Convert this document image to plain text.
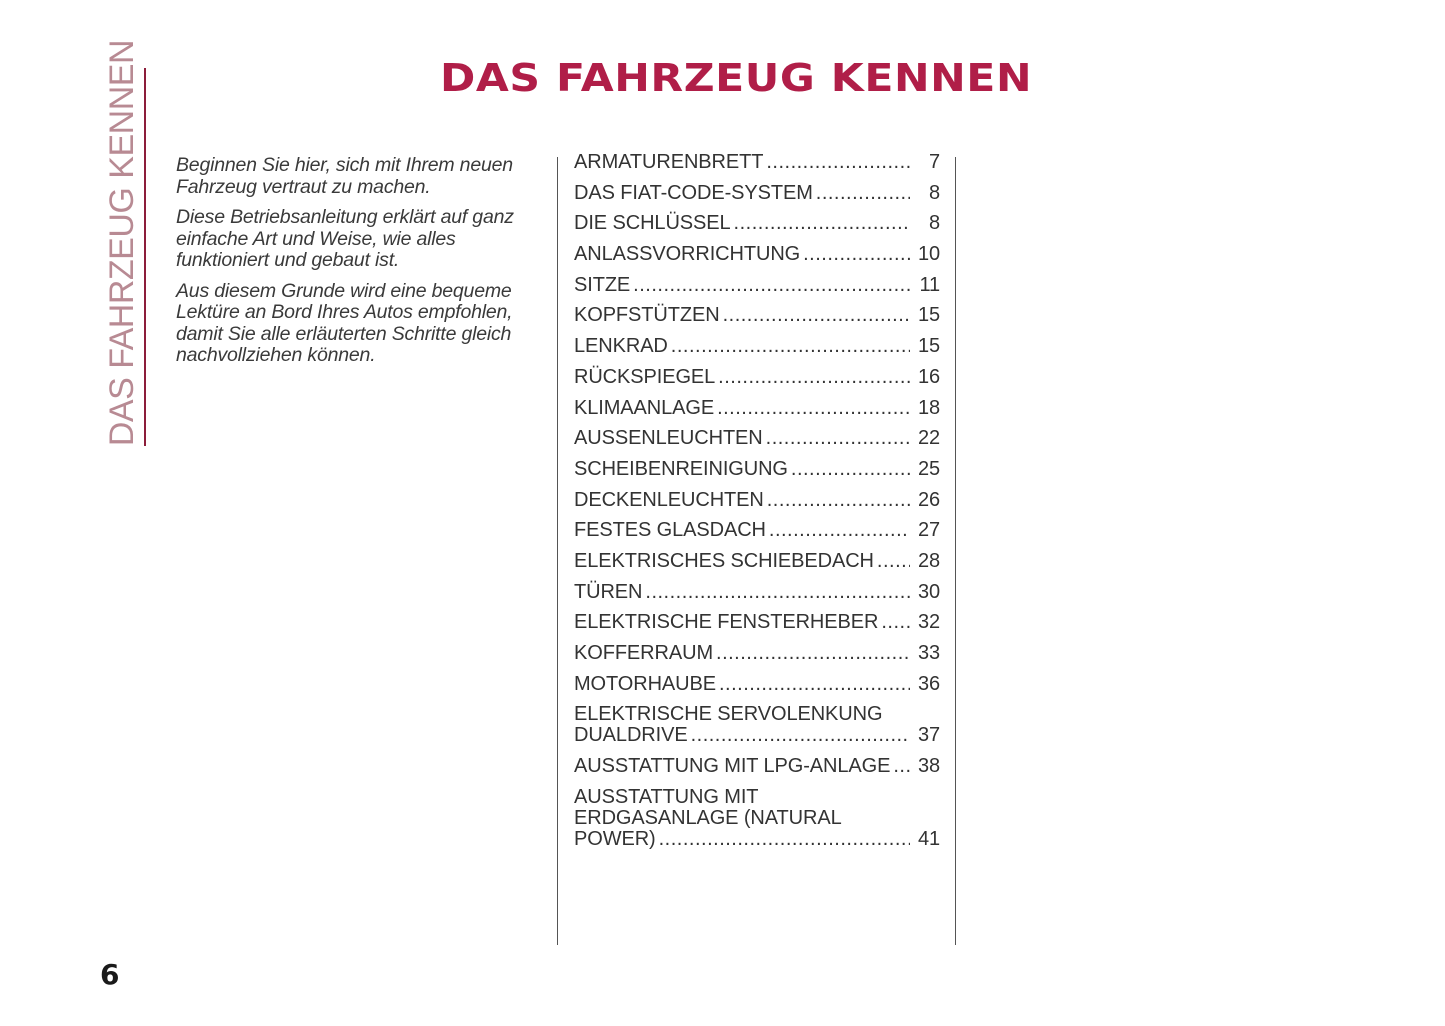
DAS FAHRZEUG KENNEN	DAS FAHRZEUG KENNEN

Beginnen Sie hier, sich mit Ihrem neuen Fahrzeug vertraut zu machen.

Diese Betriebsanleitung erklärt auf ganz einfache Art und Weise, wie alles funktioniert und gebaut ist.

Aus diesem Grunde wird eine bequeme Lektüre an Bord Ihres Autos empfohlen, damit Sie alle erläuterten Schritte gleich nachvollziehen können.

ARMATURENBRETT .....	7
DAS FIAT-CODE-SYSTEM .....	8
DIE SCHLÜSSEL .....	8
ANLASSVORRICHTUNG .....	10
SITZE .....	11
KOPFSTÜTZEN .....	15
LENKRAD .....	15
RÜCKSPIEGEL .....	16
KLIMAANLAGE .....	18
AUSSENLEUCHTEN .....	22
SCHEIBENREINIGUNG .....	25
DECKENLEUCHTEN .....	26
FESTES GLASDACH .....	27
ELEKTRISCHES SCHIEBEDACH ..... 28
TÜREN .....	30
ELEKTRISCHE FENSTERHEBER ..... 32
KOFFERRAUM .....	33
MOTORHAUBE .....	36
ELEKTRISCHE SERVOLENKUNG
DUALDRIVE .....	37
AUSSTATTUNG MIT LPG-ANLAGE ..... 38
AUSSTATTUNG MIT
ERDGASANLAGE (NATURAL
POWER) .....	41
6
